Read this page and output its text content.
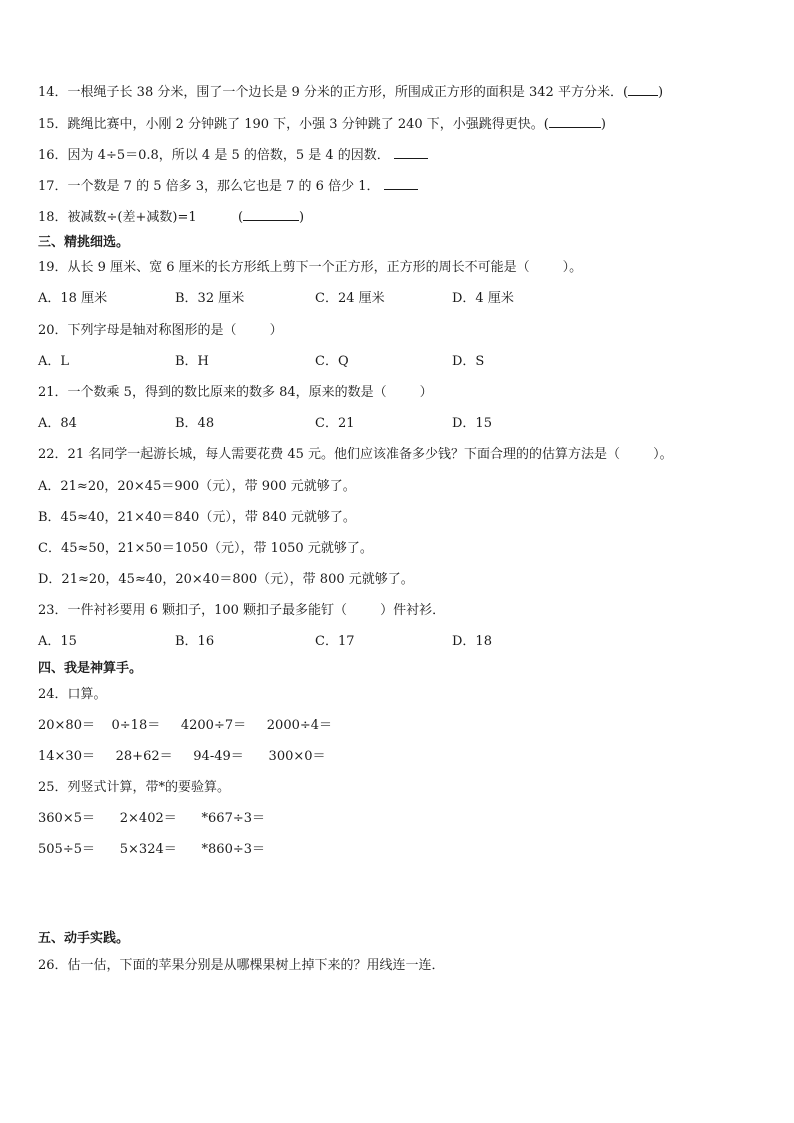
14．一根绳子长 38 分米，围了一个边长是 9 分米的正方形，所围成正方形的面积是 342 平方分米．( )
15．跳绳比赛中，小刚 2 分钟跳了 190 下，小强 3 分钟跳了 240 下，小强跳得更快。(	)
16．因为 4÷5＝0.8，所以 4 是 5 的倍数，5 是 4 的因数．
17．一个数是 7 的 5 倍多 3，那么它也是 7 的 6 倍少 1．
18．被减数÷(差+减数)=1          (	)
三、精挑细选。
19．从长 9 厘米、宽 6 厘米的长方形纸上剪下一个正方形，正方形的周长不可能是（        ）。
A．18 厘米	B．32 厘米	C．24 厘米	D．4 厘米
20．下列字母是轴对称图形的是（        ）
A．L	B．H	C．Q	D．S
21．一个数乘 5，得到的数比原来的数多 84，原来的数是（        ）
A．84	B．48	C．21	D．15
22．21 名同学一起游长城，每人需要花费 45 元。他们应该准备多少钱？下面合理的的估算方法是（        ）。
A．21≈20，20×45＝900（元），带 900 元就够了。
B．45≈40，21×40＝840（元），带 840 元就够了。
C．45≈50，21×50＝1050（元），带 1050 元就够了。
D．21≈20，45≈40，20×40＝800（元），带 800 元就够了。
23．一件衬衫要用 6 颗扣子，100 颗扣子最多能钉（        ）件衬衫．
A．15	B．16	C．17	D．18
四、我是神算手。
24．口算。
20×80＝    0÷18＝     4200÷7＝     2000÷4＝
14×30＝     28+62＝     94-49＝      300×0＝
25．列竖式计算，带*的要验算。
360×5＝      2×402＝      *667÷3＝
505÷5＝      5×324＝      *860÷3＝
五、动手实践。
26．估一估，下面的苹果分别是从哪棵果树上掉下来的？用线连一连．
